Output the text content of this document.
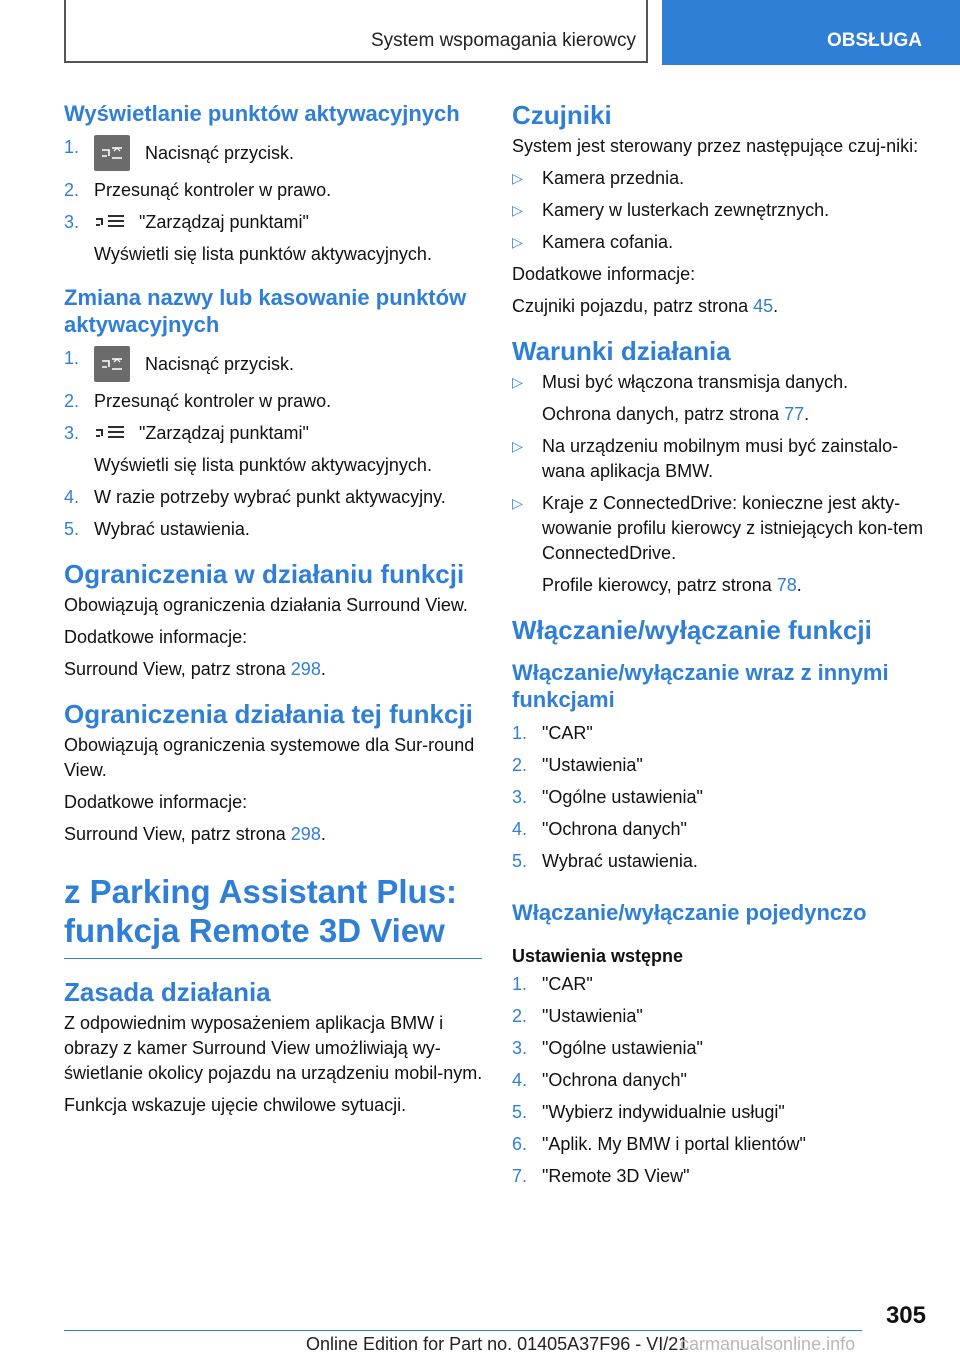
System wspomagania kierowcy	OBSŁUGA
Wyświetlanie punktów aktywacyjnych
1.	Nacisnąć przycisk.
2. Przesunąć kontroler w prawo.
3.	"Zarządzaj punktami"
Wyświetli się lista punktów aktywacyjnych.
Zmiana nazwy lub kasowanie punktów aktywacyjnych
1.	Nacisnąć przycisk.
2. Przesunąć kontroler w prawo.
3.	"Zarządzaj punktami"
Wyświetli się lista punktów aktywacyjnych.
4. W razie potrzeby wybrać punkt aktywacyjny.
5. Wybrać ustawienia.
Ograniczenia w działaniu funkcji

Obowiązują ograniczenia działania Surround View.

Dodatkowe informacje:

Surround View, patrz strona 298.

Ograniczenia działania tej funkcji

Obowiązują ograniczenia systemowe dla Sur-round View.

Dodatkowe informacje:

Surround View, patrz strona 298.

z Parking Assistant Plus: funkcja Remote 3D View
Zasada działania

Z odpowiednim wyposażeniem aplikacja BMW i obrazy z kamer Surround View umożliwiają wy-świetlanie okolicy pojazdu na urządzeniu mobil-nym.

Funkcja wskazuje ujęcie chwilowe sytuacji.

Czujniki

System jest sterowany przez następujące czuj-niki:

▷ Kamera przednia.
▷ Kamery w lusterkach zewnętrznych.
▷ Kamera cofania.

Dodatkowe informacje:

Czujniki pojazdu, patrz strona 45.

Warunki działania
▷ Musi być włączona transmisja danych.
Ochrona danych, patrz strona 77.
▷ Na urządzeniu mobilnym musi być zainstalo-wana aplikacja BMW.
▷ Kraje z ConnectedDrive: konieczne jest akty-wowanie profilu kierowcy z istniejących kon-tem ConnectedDrive.
Profile kierowcy, patrz strona 78.
Włączanie/wyłączanie funkcji
Włączanie/wyłączanie wraz z innymi funkcjami
1. "CAR"
2. "Ustawienia"
3. "Ogólne ustawienia"
4. "Ochrona danych"
5. Wybrać ustawienia.
Włączanie/wyłączanie pojedynczo
Ustawienia wstępne
1. "CAR"
2. "Ustawienia"
3. "Ogólne ustawienia"
4. "Ochrona danych"
5. "Wybierz indywidualnie usługi"
6. "Aplik. My BMW i portal klientów"
7. "Remote 3D View"
305
Online Edition for Part no. 01405A37F96 - VI/21
carmanualsonline.info
